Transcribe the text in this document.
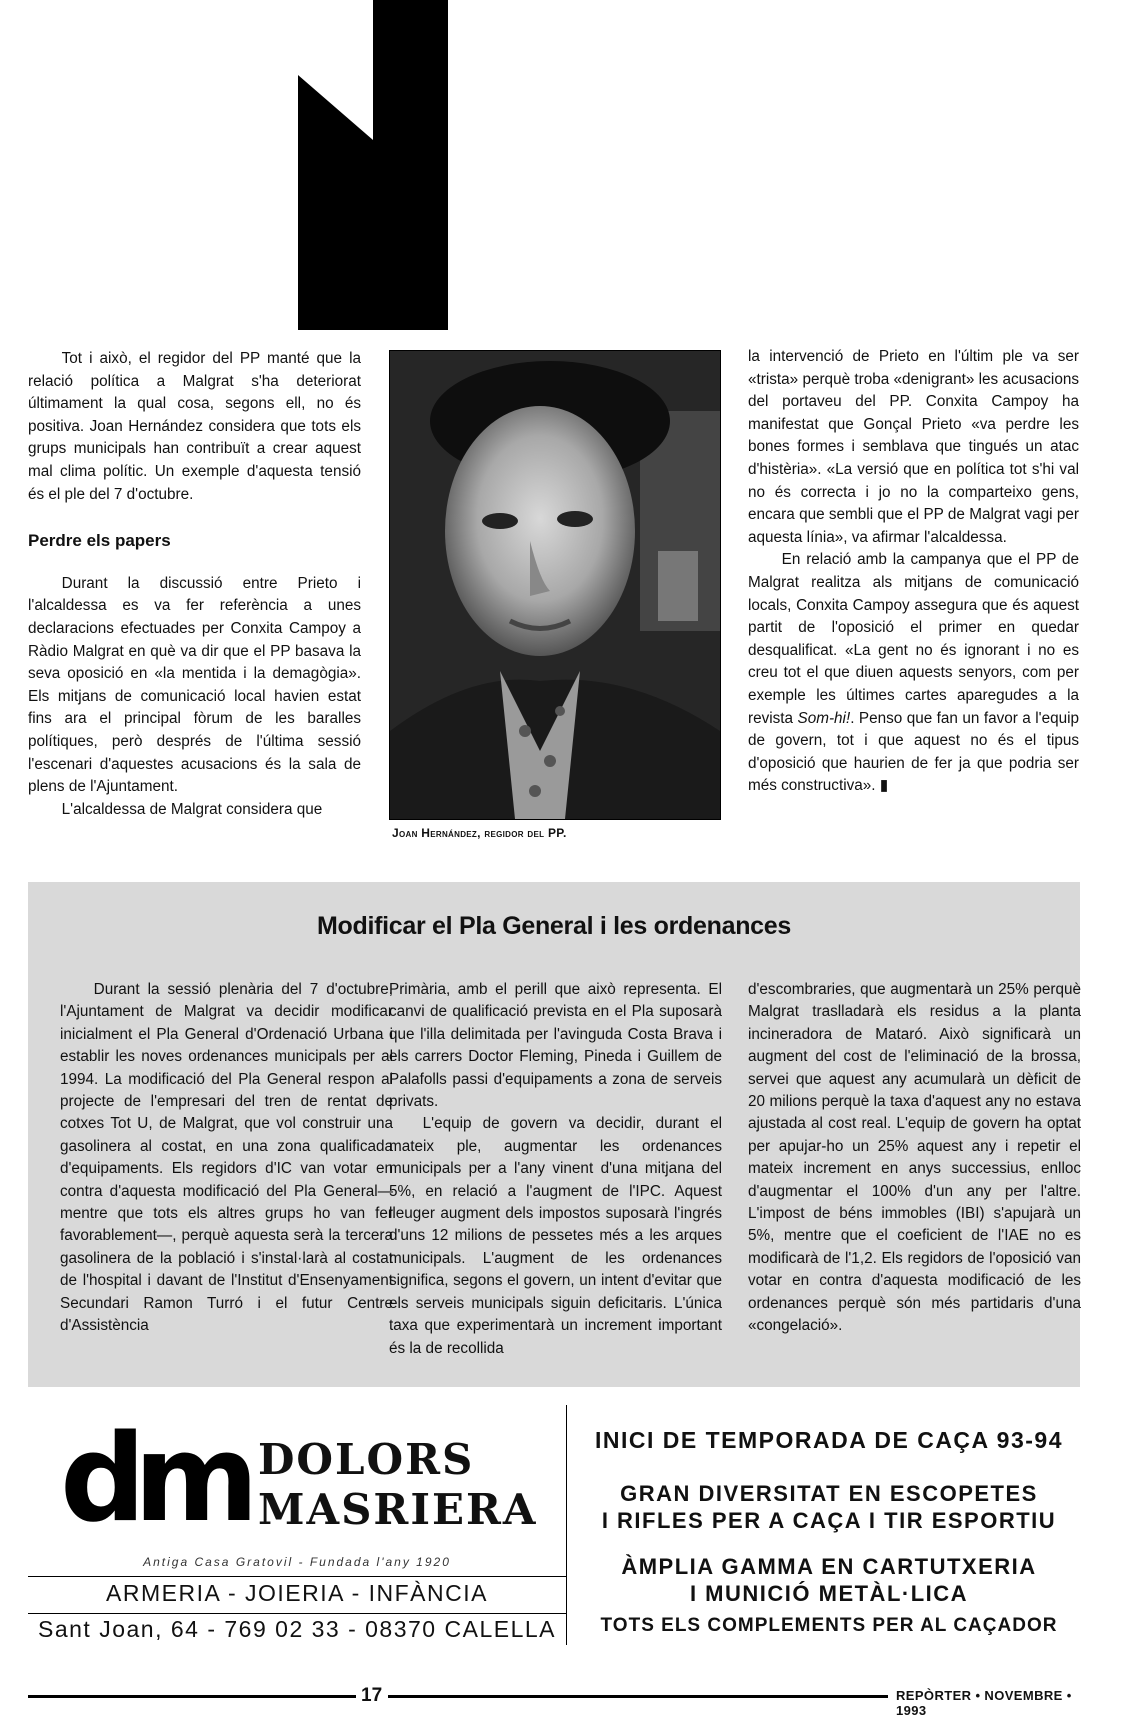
Tot i això, el regidor del PP manté que la relació política a Malgrat s'ha deteriorat últimament la qual cosa, segons ell, no és positiva. Joan Hernández considera que tots els grups municipals han contribuït a crear aquest mal clima polític. Un exemple d'aquesta tensió és el ple del 7 d'octubre.

Perdre els papers

Durant la discussió entre Prieto i l'alcaldessa es va fer referència a unes declaracions efectuades per Conxita Campoy a Ràdio Malgrat en què va dir que el PP basava la seva oposició en «la mentida i la demagògia». Els mitjans de comunicació local havien estat fins ara el principal fòrum de les baralles polítiques, però després de l'última sessió l'escenari d'aquestes acusacions és la sala de plens de l'Ajuntament.

L'alcaldessa de Malgrat considera que

Joan Hernández, regidor del PP.

la intervenció de Prieto en l'últim ple va ser «trista» perquè troba «denigrant» les acusacions del portaveu del PP. Conxita Campoy ha manifestat que Gonçal Prieto «va perdre les bones formes i semblava que tingués un atac d'histèria». «La versió que en política tot s'hi val no és correcta i jo no la comparteixo gens, encara que sembli que el PP de Malgrat vagi per aquesta línia», va afirmar l'alcaldessa.

En relació amb la campanya que el PP de Malgrat realitza als mitjans de comunicació locals, Conxita Campoy assegura que és aquest partit de l'oposició el primer en quedar desqualificat. «La gent no és ignorant i no es creu tot el que diuen aquests senyors, com per exemple les últimes cartes aparegudes a la revista Som-hi!. Penso que fan un favor a l'equip de govern, tot i que aquest no és el tipus d'oposició que haurien de fer ja que podria ser més constructiva». ▮

Modificar el Pla General i les ordenances

Durant la sessió plenària del 7 d'octubre, l'Ajuntament de Malgrat va decidir modificar inicialment el Pla General d'Ordenació Urbana i establir les noves ordenances municipals per al 1994. La modificació del Pla General respon al projecte de l'empresari del tren de rentat de cotxes Tot U, de Malgrat, que vol construir una gasolinera al costat, en una zona qualificada d'equipaments. Els regidors d'IC van votar en contra d'aquesta modificació del Pla General—mentre que tots els altres grups ho van fer favorablement—, perquè aquesta serà la tercera gasolinera de la població i s'instal·larà al costat de l'hospital i davant de l'Institut d'Ensenyament Secundari Ramon Turró i el futur Centre d'Assistència

Primària, amb el perill que això representa. El canvi de qualificació prevista en el Pla suposarà que l'illa delimitada per l'avinguda Costa Brava i els carrers Doctor Fleming, Pineda i Guillem de Palafolls passi d'equipaments a zona de serveis privats.

L'equip de govern va decidir, durant el mateix ple, augmentar les ordenances municipals per a l'any vinent d'una mitjana del 5%, en relació a l'augment de l'IPC. Aquest lleuger augment dels impostos suposarà l'ingrés d'uns 12 milions de pessetes més a les arques municipals. L'augment de les ordenances significa, segons el govern, un intent d'evitar que els serveis municipals siguin deficitaris. L'única taxa que experimentarà un increment important és la de recollida

d'escombraries, que augmentarà un 25% perquè Malgrat traslladarà els residus a la planta incineradora de Mataró. Això significarà un augment del cost de l'eliminació de la brossa, servei que aquest any acumularà un dèficit de 20 milions perquè la taxa d'aquest any no estava ajustada al cost real. L'equip de govern ha optat per apujar-ho un 25% aquest any i repetir el mateix increment en anys successius, enlloc d'augmentar el 100% d'un any per l'altre. L'impost de béns immobles (IBI) s'apujarà un 5%, mentre que el coeficient de l'IAE no es modificarà de l'1,2. Els regidors de l'oposició van votar en contra d'aquesta modificació de les ordenances perquè són més partidaris d'una «congelació».

dm DOLORS
MASRIERA
Antiga Casa Gratovil - Fundada l'any 1920
ARMERIA - JOIERIA - INFÀNCIA
Sant Joan, 64 - 769 02 33 - 08370 CALELLA
INICI DE TEMPORADA DE CAÇA 93-94
GRAN DIVERSITAT EN ESCOPETES
I RIFLES PER A CAÇA I TIR ESPORTIU
ÀMPLIA GAMMA EN CARTUTXERIA
I MUNICIÓ METÀL·LICA
TOTS ELS COMPLEMENTS PER AL CAÇADOR
17	REPÒRTER • NOVEMBRE • 1993
